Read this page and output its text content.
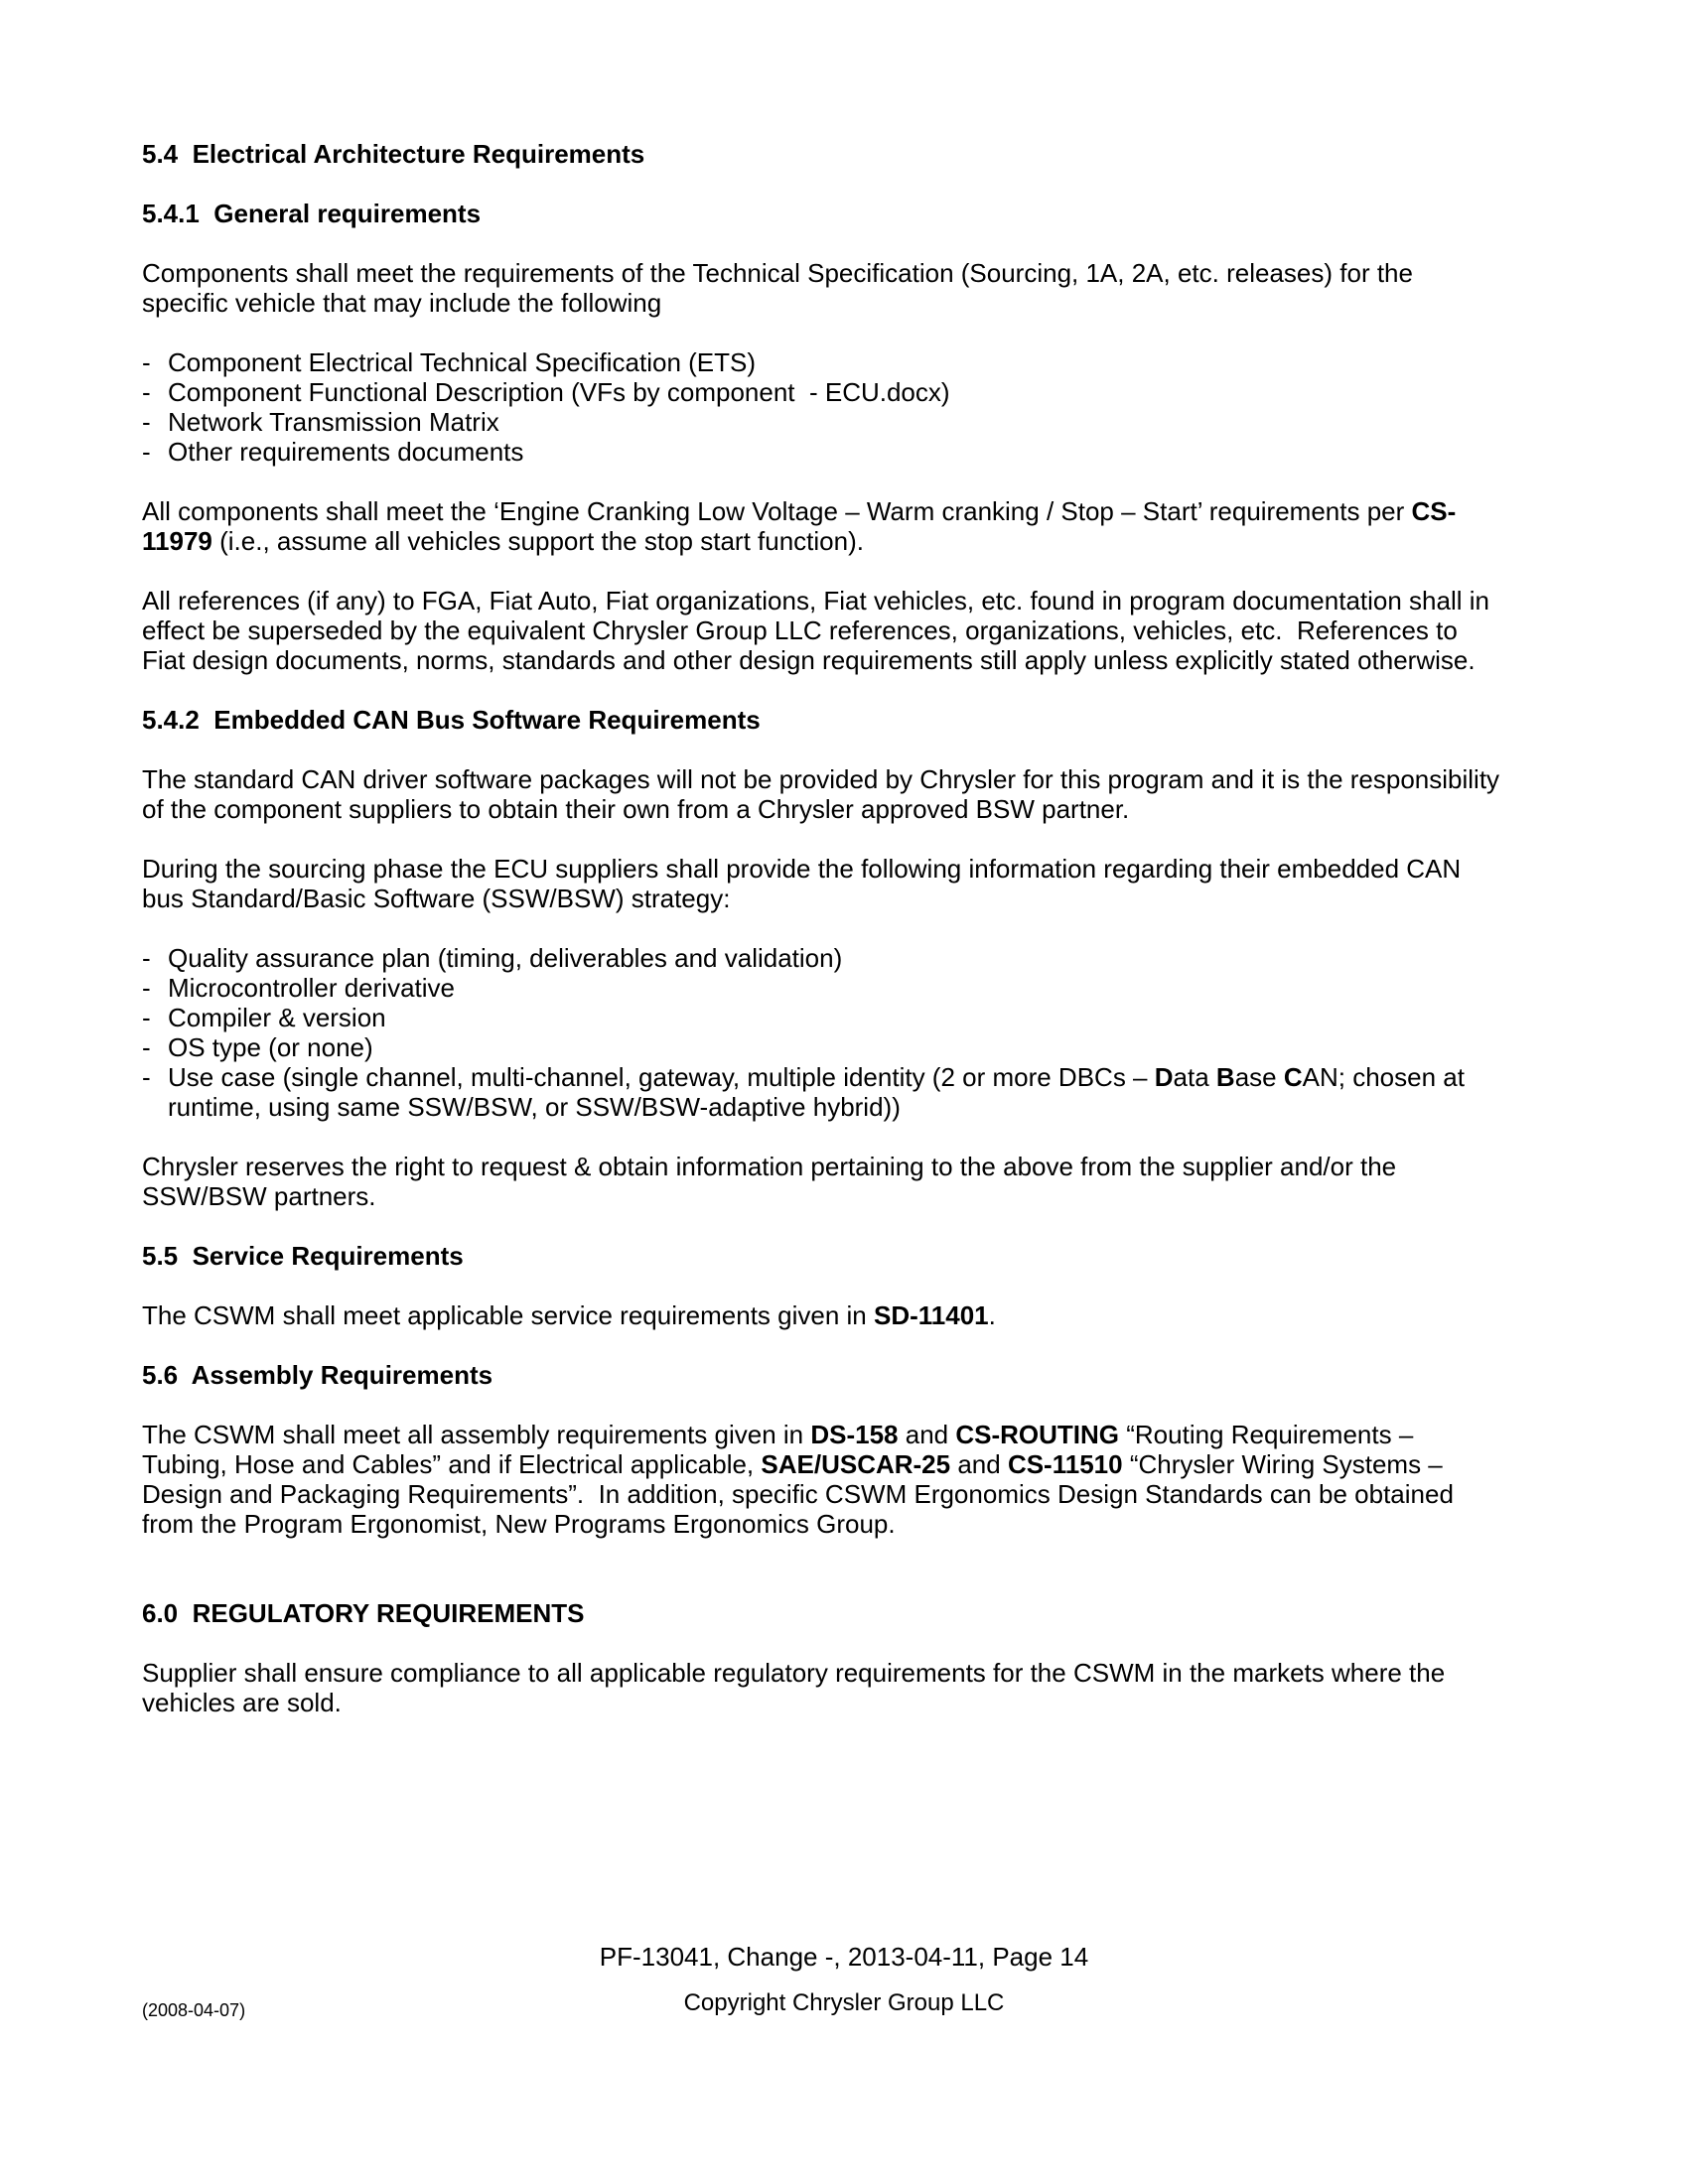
5.4  Electrical Architecture Requirements
5.4.1  General requirements

Components shall meet the requirements of the Technical Specification (Sourcing, 1A, 2A, etc. releases) for the specific vehicle that may include the following

- Component Electrical Technical Specification (ETS)
- Component Functional Description (VFs by component  - ECU.docx)
- Network Transmission Matrix
- Other requirements documents

All components shall meet the ‘Engine Cranking Low Voltage – Warm cranking / Stop – Start’ requirements per CS-11979 (i.e., assume all vehicles support the stop start function).

All references (if any) to FGA, Fiat Auto, Fiat organizations, Fiat vehicles, etc. found in program documentation shall in effect be superseded by the equivalent Chrysler Group LLC references, organizations, vehicles, etc.  References to Fiat design documents, norms, standards and other design requirements still apply unless explicitly stated otherwise.

5.4.2  Embedded CAN Bus Software Requirements

The standard CAN driver software packages will not be provided by Chrysler for this program and it is the responsibility of the component suppliers to obtain their own from a Chrysler approved BSW partner.

During the sourcing phase the ECU suppliers shall provide the following information regarding their embedded CAN bus Standard/Basic Software (SSW/BSW) strategy:

- Quality assurance plan (timing, deliverables and validation)
- Microcontroller derivative
- Compiler & version
- OS type (or none)
- Use case (single channel, multi-channel, gateway, multiple identity (2 or more DBCs – Data Base CAN; chosen at runtime, using same SSW/BSW, or SSW/BSW-adaptive hybrid))

Chrysler reserves the right to request & obtain information pertaining to the above from the supplier and/or the SSW/BSW partners.

5.5  Service Requirements

The CSWM shall meet applicable service requirements given in SD-11401.

5.6  Assembly Requirements

The CSWM shall meet all assembly requirements given in DS-158 and CS-ROUTING “Routing Requirements – Tubing, Hose and Cables” and if Electrical applicable, SAE/USCAR-25 and CS-11510 “Chrysler Wiring Systems – Design and Packaging Requirements”.  In addition, specific CSWM Ergonomics Design Standards can be obtained from the Program Ergonomist, New Programs Ergonomics Group.

6.0  REGULATORY REQUIREMENTS

Supplier shall ensure compliance to all applicable regulatory requirements for the CSWM in the markets where the vehicles are sold.

PF-13041, Change -, 2013-04-11, Page 14
Copyright Chrysler Group LLC
(2008-04-07)
